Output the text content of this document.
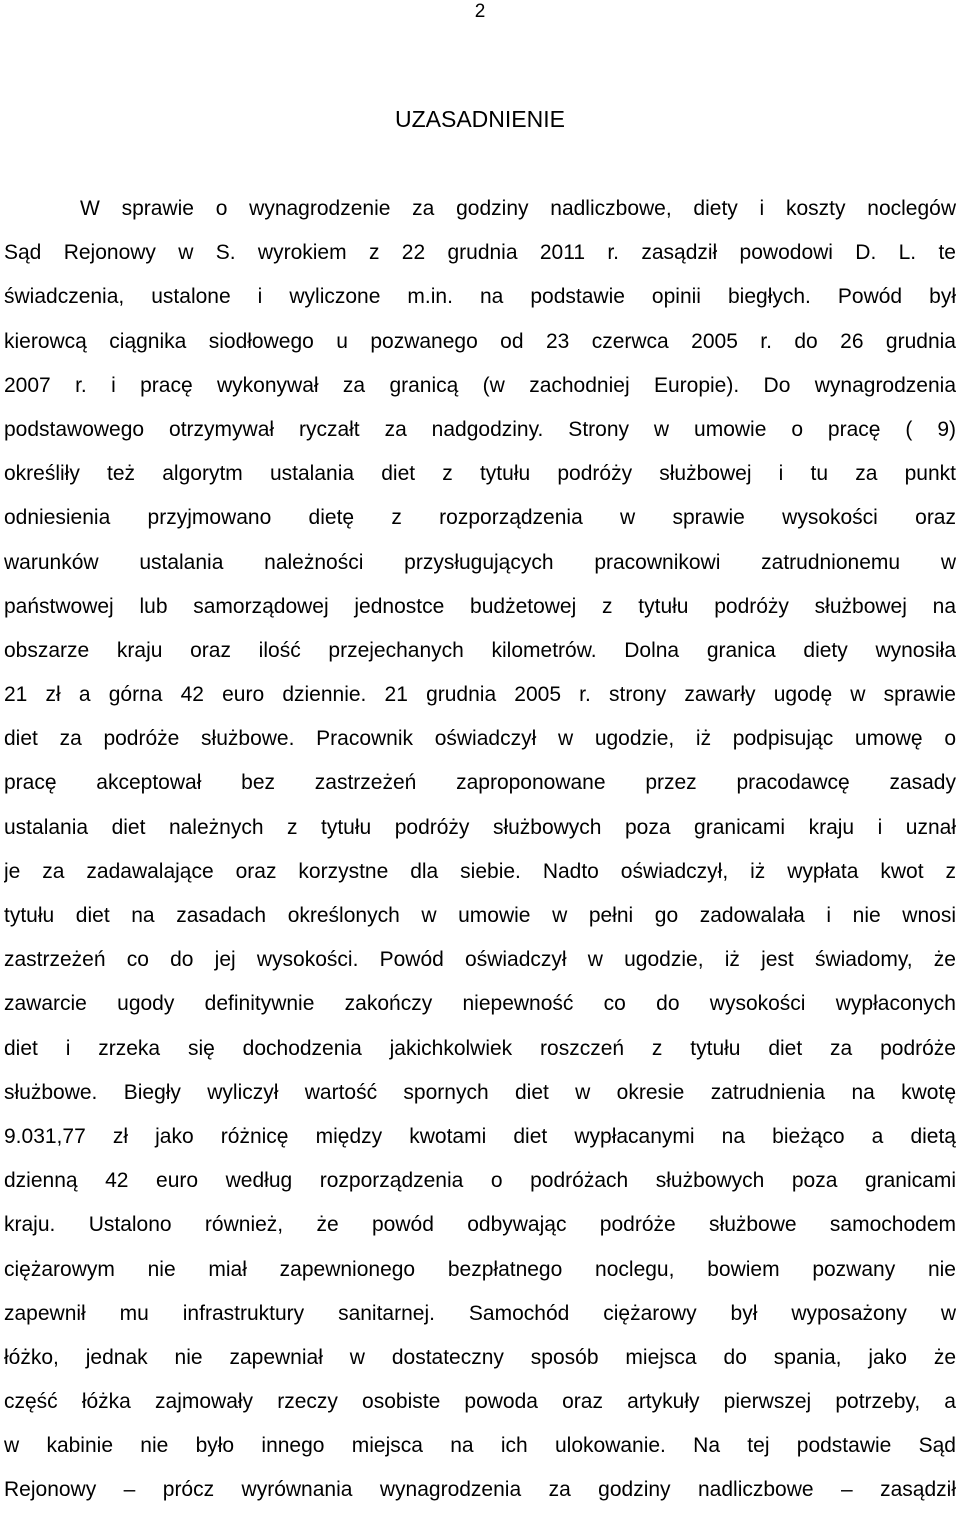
2
UZASADNIENIE
W sprawie o wynagrodzenie za godziny nadliczbowe, diety i koszty noclegów
Sąd Rejonowy w S. wyrokiem z 22 grudnia 2011 r. zasądził powodowi D. L. te
świadczenia, ustalone i wyliczone m.in. na podstawie opinii biegłych. Powód był
kierowcą ciągnika siodłowego u pozwanego od 23 czerwca 2005 r. do 26 grudnia
2007 r. i pracę wykonywał za granicą (w zachodniej Europie). Do wynagrodzenia
podstawowego otrzymywał ryczałt za nadgodziny. Strony w umowie o pracę ( 9)
określiły też algorytm ustalania diet z tytułu podróży służbowej i tu za punkt
odniesienia przyjmowano dietę z rozporządzenia w sprawie wysokości oraz
warunków ustalania należności przysługujących pracownikowi zatrudnionemu w
państwowej lub samorządowej jednostce budżetowej z tytułu podróży służbowej na
obszarze kraju oraz ilość przejechanych kilometrów. Dolna granica diety wynosiła
21 zł a górna 42 euro dziennie. 21 grudnia 2005 r. strony zawarły ugodę w sprawie
diet za podróże służbowe. Pracownik oświadczył w ugodzie, iż podpisując umowę o
pracę akceptował bez zastrzeżeń zaproponowane przez pracodawcę zasady
ustalania diet należnych z tytułu podróży służbowych poza granicami kraju i uznał
je za zadawalające oraz korzystne dla siebie. Nadto oświadczył, iż wypłata kwot z
tytułu diet na zasadach określonych w umowie w pełni go zadowalała i nie wnosi
zastrzeżeń co do jej wysokości. Powód oświadczył w ugodzie, iż jest świadomy, że
zawarcie ugody definitywnie zakończy niepewność co do wysokości wypłaconych
diet i zrzeka się dochodzenia jakichkolwiek roszczeń z tytułu diet za podróże
służbowe. Biegły wyliczył wartość spornych diet w okresie zatrudnienia na kwotę
9.031,77 zł jako różnicę między kwotami diet wypłacanymi na bieżąco a dietą
dzienną 42 euro według rozporządzenia o podróżach służbowych poza granicami
kraju. Ustalono również, że powód odbywając podróże służbowe samochodem
ciężarowym nie miał zapewnionego bezpłatnego noclegu, bowiem pozwany nie
zapewnił mu infrastruktury sanitarnej. Samochód ciężarowy był wyposażony w
łóżko, jednak nie zapewniał w dostateczny sposób miejsca do spania, jako że
część łóżka zajmowały rzeczy osobiste powoda oraz artykuły pierwszej potrzeby, a
w kabinie nie było innego miejsca na ich ulokowanie. Na tej podstawie Sąd
Rejonowy – prócz wyrównania wynagrodzenia za godziny nadliczbowe – zasądził
